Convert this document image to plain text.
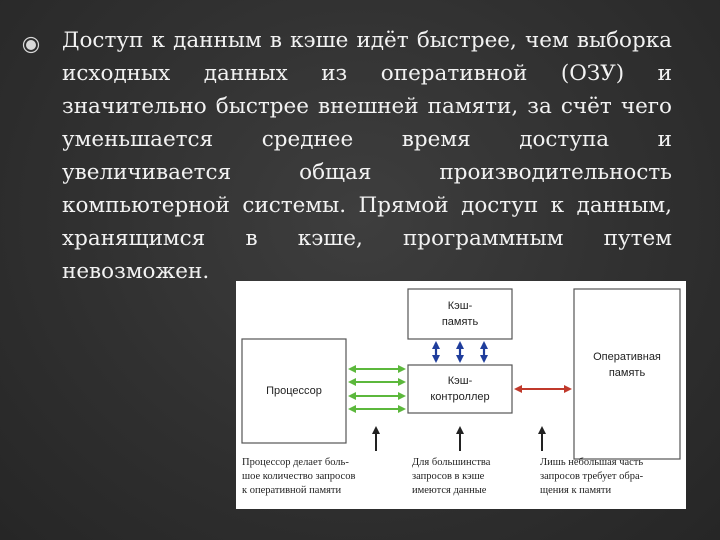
Доступ к данным в кэше идёт быстрее, чем выборка исходных данных из оперативной (ОЗУ) и значительно быстрее внешней памяти, за счёт чего уменьшается среднее время доступа и увеличивается общая производительность компьютерной системы. Прямой доступ к данным, хранящимся в кэше, программным путем невозможен.
Кэш-
память
Процессор
Кэш-
контроллер
Оперативная
память
Процессор делает боль-
шое количество запросов
к оперативной памяти
Для большинства
запросов в кэше
имеются данные
Лишь небольшая часть
запросов требует обра-
щения к памяти
